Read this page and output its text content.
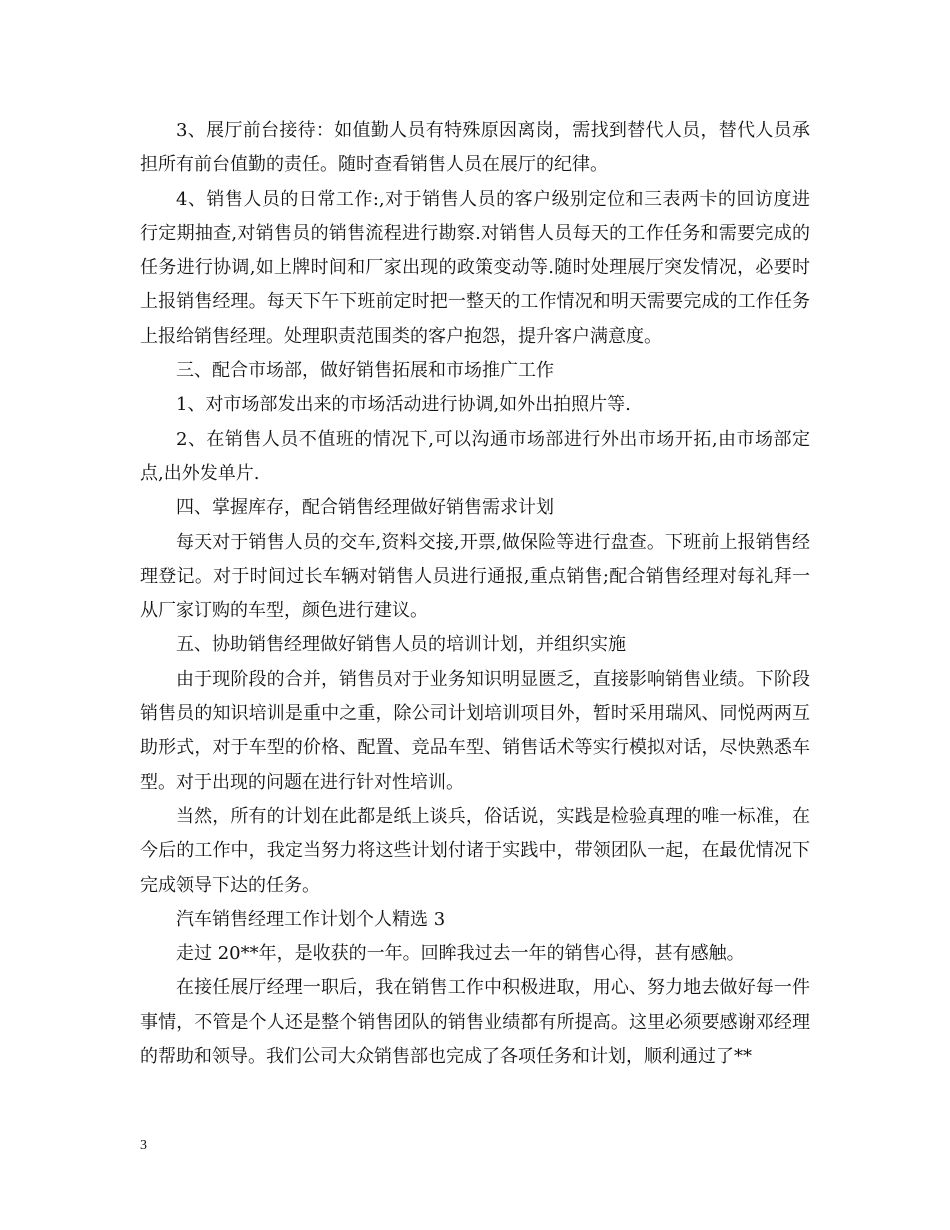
3、展厅前台接待：如值勤人员有特殊原因离岗，需找到替代人员，替代人员承担所有前台值勤的责任。随时查看销售人员在展厅的纪律。

4、销售人员的日常工作:,对于销售人员的客户级别定位和三表两卡的回访度进行定期抽查,对销售员的销售流程进行勘察.对销售人员每天的工作任务和需要完成的任务进行协调,如上牌时间和厂家出现的政策变动等.随时处理展厅突发情况，必要时上报销售经理。每天下午下班前定时把一整天的工作情况和明天需要完成的工作任务上报给销售经理。处理职责范围类的客户抱怨，提升客户满意度。

三、配合市场部，做好销售拓展和市场推广工作

1、对市场部发出来的市场活动进行协调,如外出拍照片等.

2、在销售人员不值班的情况下,可以沟通市场部进行外出市场开拓,由市场部定点,出外发单片.

四、掌握库存，配合销售经理做好销售需求计划

每天对于销售人员的交车,资料交接,开票,做保险等进行盘查。下班前上报销售经理登记。对于时间过长车辆对销售人员进行通报,重点销售;配合销售经理对每礼拜一从厂家订购的车型，颜色进行建议。

五、协助销售经理做好销售人员的培训计划，并组织实施

由于现阶段的合并，销售员对于业务知识明显匮乏，直接影响销售业绩。下阶段销售员的知识培训是重中之重，除公司计划培训项目外，暂时采用瑞风、同悦两两互助形式，对于车型的价格、配置、竞品车型、销售话术等实行模拟对话，尽快熟悉车型。对于出现的问题在进行针对性培训。

当然，所有的计划在此都是纸上谈兵，俗话说，实践是检验真理的唯一标准，在今后的工作中，我定当努力将这些计划付诸于实践中，带领团队一起，在最优情况下完成领导下达的任务。

汽车销售经理工作计划个人精选 3

走过 20**年，是收获的一年。回眸我过去一年的销售心得，甚有感触。

在接任展厅经理一职后，我在销售工作中积极进取，用心、努力地去做好每一件事情，不管是个人还是整个销售团队的销售业绩都有所提高。这里必须要感谢邓经理的帮助和领导。我们公司大众销售部也完成了各项任务和计划，顺利通过了**

3
